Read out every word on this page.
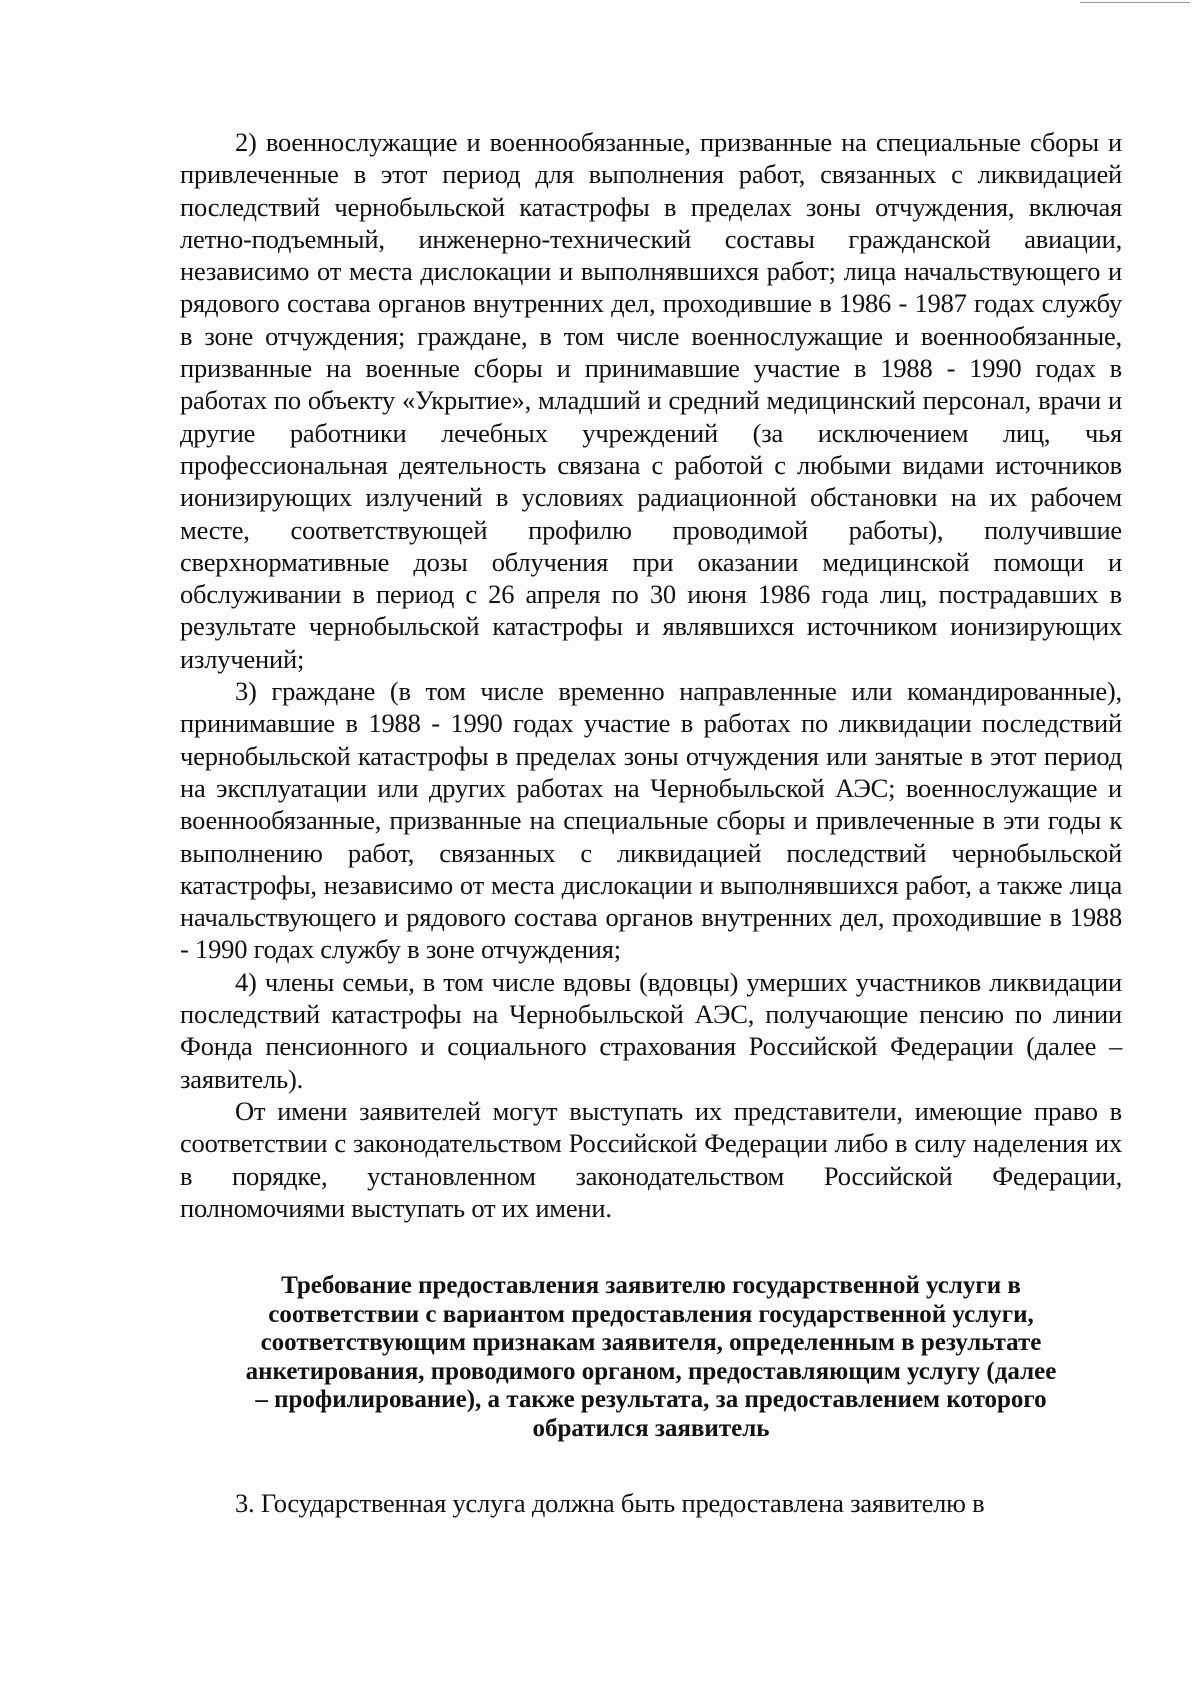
2) военнослужащие и военнообязанные, призванные на специальные сборы и привлеченные в этот период для выполнения работ, связанных с ликвидацией последствий чернобыльской катастрофы в пределах зоны отчуждения, включая летно-подъемный, инженерно-технический составы гражданской авиации, независимо от места дислокации и выполнявшихся работ; лица начальствующего и рядового состава органов внутренних дел, проходившие в 1986 - 1987 годах службу в зоне отчуждения; граждане, в том числе военнослужащие и военнообязанные, призванные на военные сборы и принимавшие участие в 1988 - 1990 годах в работах по объекту «Укрытие», младший и средний медицинский персонал, врачи и другие работники лечебных учреждений (за исключением лиц, чья профессиональная деятельность связана с работой с любыми видами источников ионизирующих излучений в условиях радиационной обстановки на их рабочем месте, соответствующей профилю проводимой работы), получившие сверхнормативные дозы облучения при оказании медицинской помощи и обслуживании в период с 26 апреля по 30 июня 1986 года лиц, пострадавших в результате чернобыльской катастрофы и являвшихся источником ионизирующих излучений;

3) граждане (в том числе временно направленные или командированные), принимавшие в 1988 - 1990 годах участие в работах по ликвидации последствий чернобыльской катастрофы в пределах зоны отчуждения или занятые в этот период на эксплуатации или других работах на Чернобыльской АЭС; военнослужащие и военнообязанные, призванные на специальные сборы и привлеченные в эти годы к выполнению работ, связанных с ликвидацией последствий чернобыльской катастрофы, независимо от места дислокации и выполнявшихся работ, а также лица начальствующего и рядового состава органов внутренних дел, проходившие в 1988 - 1990 годах службу в зоне отчуждения;

4) члены семьи, в том числе вдовы (вдовцы) умерших участников ликвидации последствий катастрофы на Чернобыльской АЭС, получающие пенсию по линии Фонда пенсионного и социального страхования Российской Федерации (далее – заявитель).

От имени заявителей могут выступать их представители, имеющие право в соответствии с законодательством Российской Федерации либо в силу наделения их в порядке, установленном законодательством Российской Федерации, полномочиями выступать от их имени.

Требование предоставления заявителю государственной услуги в соответствии с вариантом предоставления государственной услуги, соответствующим признакам заявителя, определенным в результате анкетирования, проводимого органом, предоставляющим услугу (далее – профилирование), а также результата, за предоставлением которого обратился заявитель

3. Государственная услуга должна быть предоставлена заявителю в
